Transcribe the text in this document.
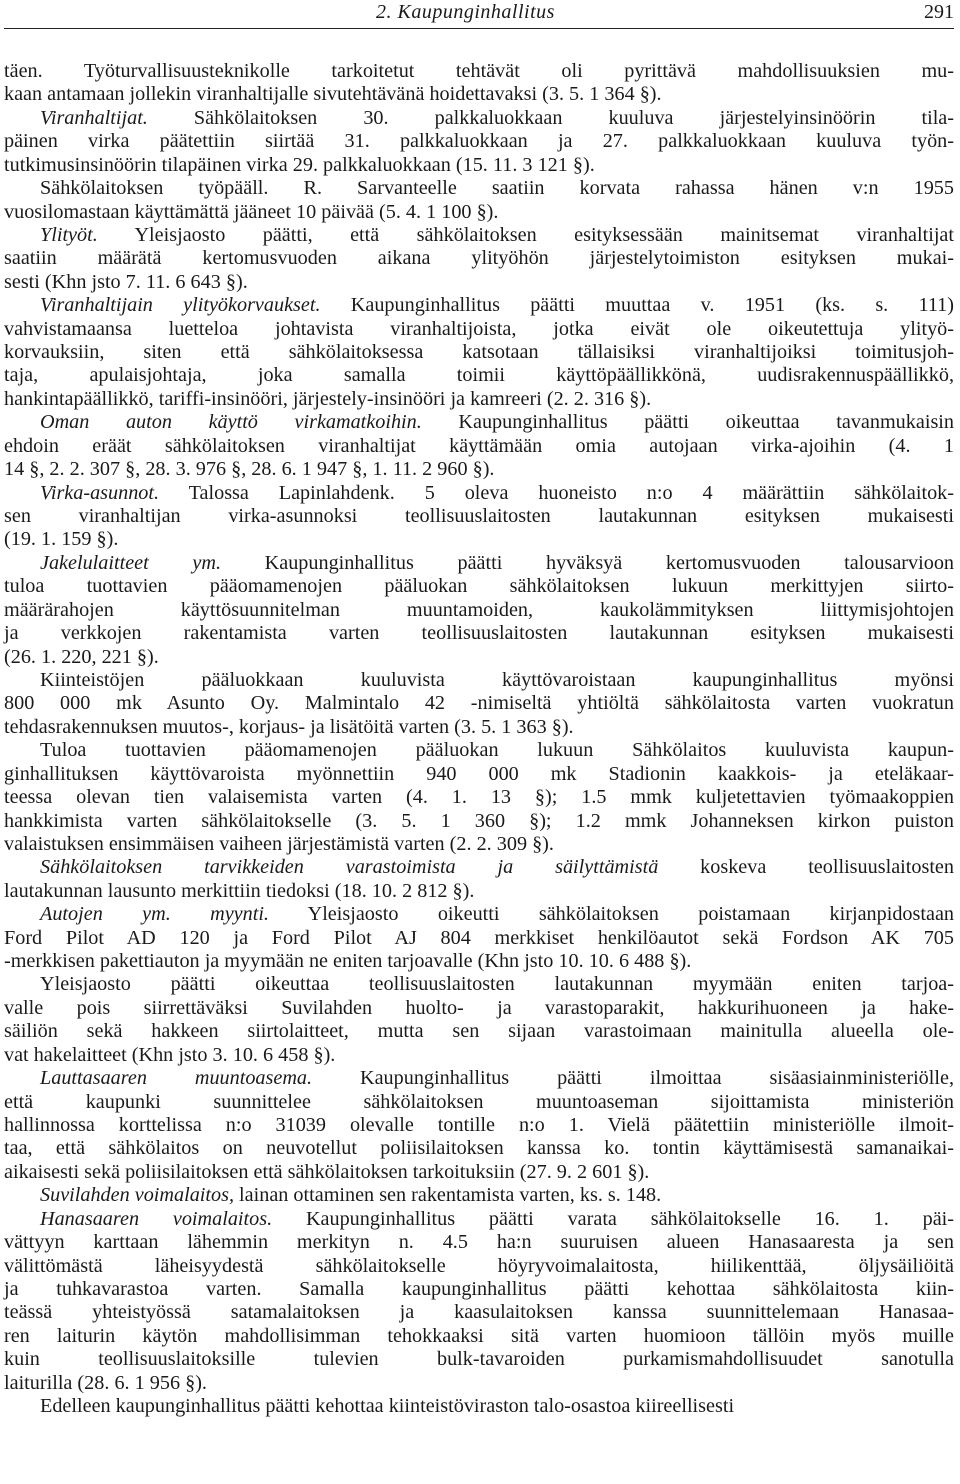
2. Kaupunginhallitus	291
täen. Työturvallisuusteknikolle tarkoitetut tehtävät oli pyrittävä mahdollisuuksien mu-
kaan antamaan jollekin viranhaltijalle sivutehtävänä hoidettavaksi (3. 5. 1 364 §).
Viranhaltijat. Sähkölaitoksen 30. palkkaluokkaan kuuluva järjestelyinsinöörin tila-
päinen virka päätettiin siirtää 31. palkkaluokkaan ja 27. palkkaluokkaan kuuluva työn-
tutkimusinsinöörin tilapäinen virka 29. palkkaluokkaan (15. 11. 3 121 §).
Sähkölaitoksen työpääll. R. Sarvanteelle saatiin korvata rahassa hänen v:n 1955
vuosilomastaan käyttämättä jääneet 10 päivää (5. 4. 1 100 §).
Ylityöt. Yleisjaosto päätti, että sähkölaitoksen esityksessään mainitsemat viranhaltijat
saatiin määrätä kertomusvuoden aikana ylityöhön järjestelytoimiston esityksen mukai-
sesti (Khn jsto 7. 11. 6 643 §).
Viranhaltijain ylityökorvaukset. Kaupunginhallitus päätti muuttaa v. 1951 (ks. s. 111)
vahvistamaansa luetteloa johtavista viranhaltijoista, jotka eivät ole oikeutettuja ylityö-
korvauksiin, siten että sähkölaitoksessa katsotaan tällaisiksi viranhaltijoiksi toimitusjoh-
taja, apulaisjohtaja, joka samalla toimii käyttöpäällikkönä, uudisrakennuspäällikkö,
hankintapäällikkö, tariffi-insinööri, järjestely-insinööri ja kamreeri (2. 2. 316 §).
Oman auton käyttö virkamatkoihin. Kaupunginhallitus päätti oikeuttaa tavanmukaisin
ehdoin eräät sähkölaitoksen viranhaltijat käyttämään omia autojaan virka-ajoihin (4. 1
14 §, 2. 2. 307 §, 28. 3. 976 §, 28. 6. 1 947 §, 1. 11. 2 960 §).
Virka-asunnot. Talossa Lapinlahdenk. 5 oleva huoneisto n:o 4 määrättiin sähkölaitok-
sen viranhaltijan virka-asunnoksi teollisuuslaitosten lautakunnan esityksen mukaisesti
(19. 1. 159 §).
Jakelulaitteet ym. Kaupunginhallitus päätti hyväksyä kertomusvuoden talousarvioon
tuloa tuottavien pääomamenojen pääluokan sähkölaitoksen lukuun merkittyjen siirto-
määrärahojen käyttösuunnitelman muuntamoiden, kaukolämmityksen liittymisjohtojen
ja verkkojen rakentamista varten teollisuuslaitosten lautakunnan esityksen mukaisesti
(26. 1. 220, 221 §).
Kiinteistöjen pääluokkaan kuuluvista käyttövaroistaan kaupunginhallitus myönsi
800 000 mk Asunto Oy. Malmintalo 42 -nimiseltä yhtiöltä sähkölaitosta varten vuokratun
tehdasrakennuksen muutos-, korjaus- ja lisätöitä varten (3. 5. 1 363 §).
Tuloa tuottavien pääomamenojen pääluokan lukuun Sähkölaitos kuuluvista kaupun-
ginhallituksen käyttövaroista myönnettiin 940 000 mk Stadionin kaakkois- ja eteläkaar-
teessa olevan tien valaisemista varten (4. 1. 13 §); 1.5 mmk kuljetettavien työmaakoppien
hankkimista varten sähkölaitokselle (3. 5. 1 360 §); 1.2 mmk Johanneksen kirkon puiston
valaistuksen ensimmäisen vaiheen järjestämistä varten (2. 2. 309 §).
Sähkölaitoksen tarvikkeiden varastoimista ja säilyttämistä koskeva teollisuuslaitosten
lautakunnan lausunto merkittiin tiedoksi (18. 10. 2 812 §).
Autojen ym. myynti. Yleisjaosto oikeutti sähkölaitoksen poistamaan kirjanpidostaan
Ford Pilot AD 120 ja Ford Pilot AJ 804 merkkiset henkilöautot sekä Fordson AK 705
-merkkisen pakettiauton ja myymään ne eniten tarjoavalle (Khn jsto 10. 10. 6 488 §).
Yleisjaosto päätti oikeuttaa teollisuuslaitosten lautakunnan myymään eniten tarjoa-
valle pois siirrettäväksi Suvilahden huolto- ja varastoparakit, hakkurihuoneen ja hake-
säiliön sekä hakkeen siirtolaitteet, mutta sen sijaan varastoimaan mainitulla alueella ole-
vat hakelaitteet (Khn jsto 3. 10. 6 458 §).
Lauttasaaren muuntoasema. Kaupunginhallitus päätti ilmoittaa sisäasiainministeriölle,
että kaupunki suunnittelee sähkölaitoksen muuntoaseman sijoittamista ministeriön
hallinnossa korttelissa n:o 31039 olevalle tontille n:o 1. Vielä päätettiin ministeriölle ilmoit-
taa, että sähkölaitos on neuvotellut poliisilaitoksen kanssa ko. tontin käyttämisestä samanaikai-
aikaisesti sekä poliisilaitoksen että sähkölaitoksen tarkoituksiin (27. 9. 2 601 §).
Suvilahden voimalaitos, lainan ottaminen sen rakentamista varten, ks. s. 148.
Hanasaaren voimalaitos. Kaupunginhallitus päätti varata sähkölaitokselle 16. 1. päi-
vättyyn karttaan lähemmin merkityn n. 4.5 ha:n suuruisen alueen Hanasaaresta ja sen
välittömästä läheisyydestä sähkölaitokselle höyryvoimalaitosta, hiilikenttää, öljysäiliöitä
ja tuhkavarastoa varten. Samalla kaupunginhallitus päätti kehottaa sähkölaitosta kiin-
teässä yhteistyössä satamalaitoksen ja kaasulaitoksen kanssa suunnittelemaan Hanasaa-
ren laiturin käytön mahdollisimman tehokkaaksi sitä varten huomioon tällöin myös muille
kuin teollisuuslaitoksille tulevien bulk-tavaroiden purkamismahdollisuudet sanotulla
laiturilla (28. 6. 1 956 §).
Edelleen kaupunginhallitus päätti kehottaa kiinteistöviraston talo-osastoa kiireellisesti
